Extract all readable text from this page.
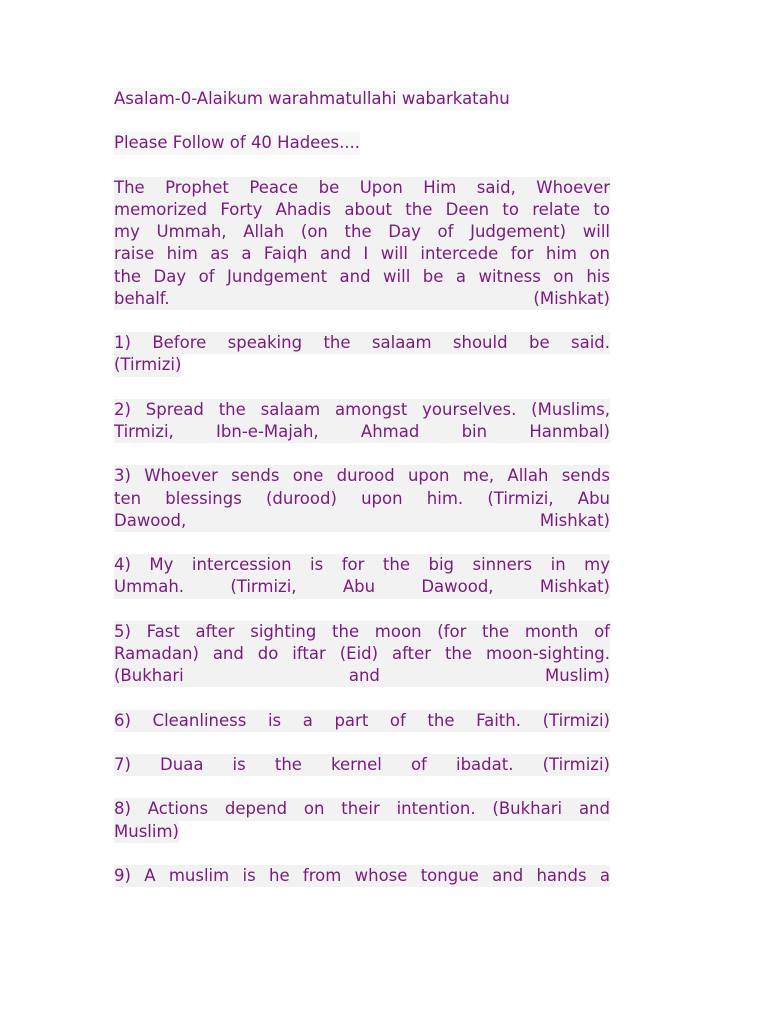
Asalam-0-Alaikum warahmatullahi wabarkatahu
Please Follow of 40 Hadees....
The Prophet Peace be Upon Him said, Whoever
memorized Forty Ahadis about the Deen to relate to
my Ummah, Allah (on the Day of Judgement) will
raise him as a Faiqh and I will intercede for him on
the Day of Jundgement and will be a witness on his
behalf. (Mishkat)
1) Before speaking the salaam should be said.
(Tirmizi)
2) Spread the salaam amongst yourselves. (Muslims,
Tirmizi, Ibn-e-Majah, Ahmad bin Hanmbal)
3) Whoever sends one durood upon me, Allah sends
ten blessings (durood) upon him. (Tirmizi, Abu
Dawood, Mishkat)
4) My intercession is for the big sinners in my
Ummah. (Tirmizi, Abu Dawood, Mishkat)
5) Fast after sighting the moon (for the month of
Ramadan) and do iftar (Eid) after the moon-sighting.
(Bukhari and Muslim)
6) Cleanliness is a part of the Faith. (Tirmizi)
7) Duaa is the kernel of ibadat. (Tirmizi)
8) Actions depend on their intention. (Bukhari and
Muslim)
9) A muslim is he from whose tongue and hands a
